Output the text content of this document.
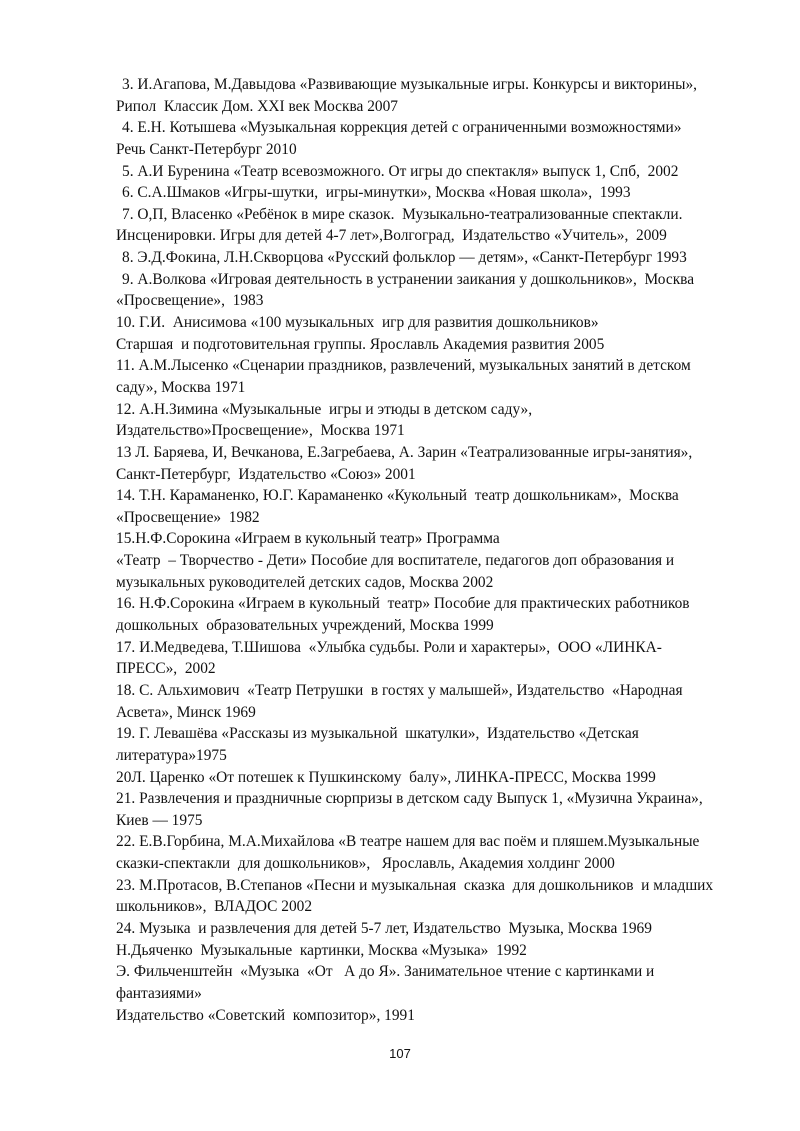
3. И.Агапова, М.Давыдова «Развивающие музыкальные игры. Конкурсы и викторины»,
Рипол  Классик Дом. XXI век Москва 2007
4. Е.Н. Котышева «Музыкальная коррекция детей с ограниченными возможностями»
Речь Санкт-Петербург 2010
5. А.И Буренина «Театр всевозможного. От игры до спектакля» выпуск 1, Спб,  2002
6. С.А.Шмаков «Игры-шутки,  игры-минутки», Москва «Новая школа»,  1993
7. О,П, Власенко «Ребёнок в мире сказок.  Музыкально-театрализованные спектакли.
Инсценировки. Игры для детей 4-7 лет»,Волгоград,  Издательство «Учитель»,  2009
8. Э.Д.Фокина, Л.Н.Скворцова «Русский фольклор — детям», «Санкт-Петербург 1993
9. А.Волкова «Игровая деятельность в устранении заикания у дошкольников»,  Москва
«Просвещение»,  1983
10. Г.И.  Анисимова «100 музыкальных  игр для развития дошкольников»
Старшая  и подготовительная группы. Ярославль Академия развития 2005
11. А.М.Лысенко «Сценарии праздников, развлечений, музыкальных занятий в детском
саду», Москва 1971
12. А.Н.Зимина «Музыкальные  игры и этюды в детском саду»,
Издательство»Просвещение»,  Москва 1971
13 Л. Баряева, И, Вечканова, Е.Загребаева, А. Зарин «Театрализованные игры-занятия»,
Санкт-Петербург,  Издательство «Союз» 2001
14. Т.Н. Караманенко, Ю.Г. Караманенко «Кукольный  театр дошкольникам»,  Москва
«Просвещение»  1982
15.Н.Ф.Сорокина «Играем в кукольный театр» Программа
«Театр  – Творчество - Дети» Пособие для воспитателе, педагогов доп образования и
музыкальных руководителей детских садов, Москва 2002
16. Н.Ф.Сорокина «Играем в кукольный  театр» Пособие для практических работников
дошкольных  образовательных учреждений, Москва 1999
17. И.Медведева, Т.Шишова  «Улыбка судьбы. Роли и характеры»,  ООО «ЛИНКА-
ПРЕСС»,  2002
18. С. Альхимович  «Театр Петрушки  в гостях у малышей», Издательство  «Народная
Асвета», Минск 1969
19. Г. Левашёва «Рассказы из музыкальной  шкатулки»,  Издательство «Детская
литература»1975
20Л. Царенко «От потешек к Пушкинскому  балу», ЛИНКА-ПРЕСС, Москва 1999
21. Развлечения и праздничные сюрпризы в детском саду Выпуск 1, «Музична Украина»,
Киев — 1975
22. Е.В.Горбина, М.А.Михайлова «В театре нашем для вас поём и пляшем.Музыкальные
сказки-спектакли  для дошкольников»,   Ярославль, Академия холдинг 2000
23. М.Протасов, В.Степанов «Песни и музыкальная  сказка  для дошкольников  и младших
школьников»,  ВЛАДОС 2002
24. Музыка  и развлечения для детей 5-7 лет, Издательство  Музыка, Москва 1969
Н.Дьяченко  Музыкальные  картинки, Москва «Музыка»  1992
Э. Фильченштейн  «Музыка  «От   А до Я». Занимательное чтение с картинками и
фантазиями»
Издательство «Советский  композитор», 1991
107
